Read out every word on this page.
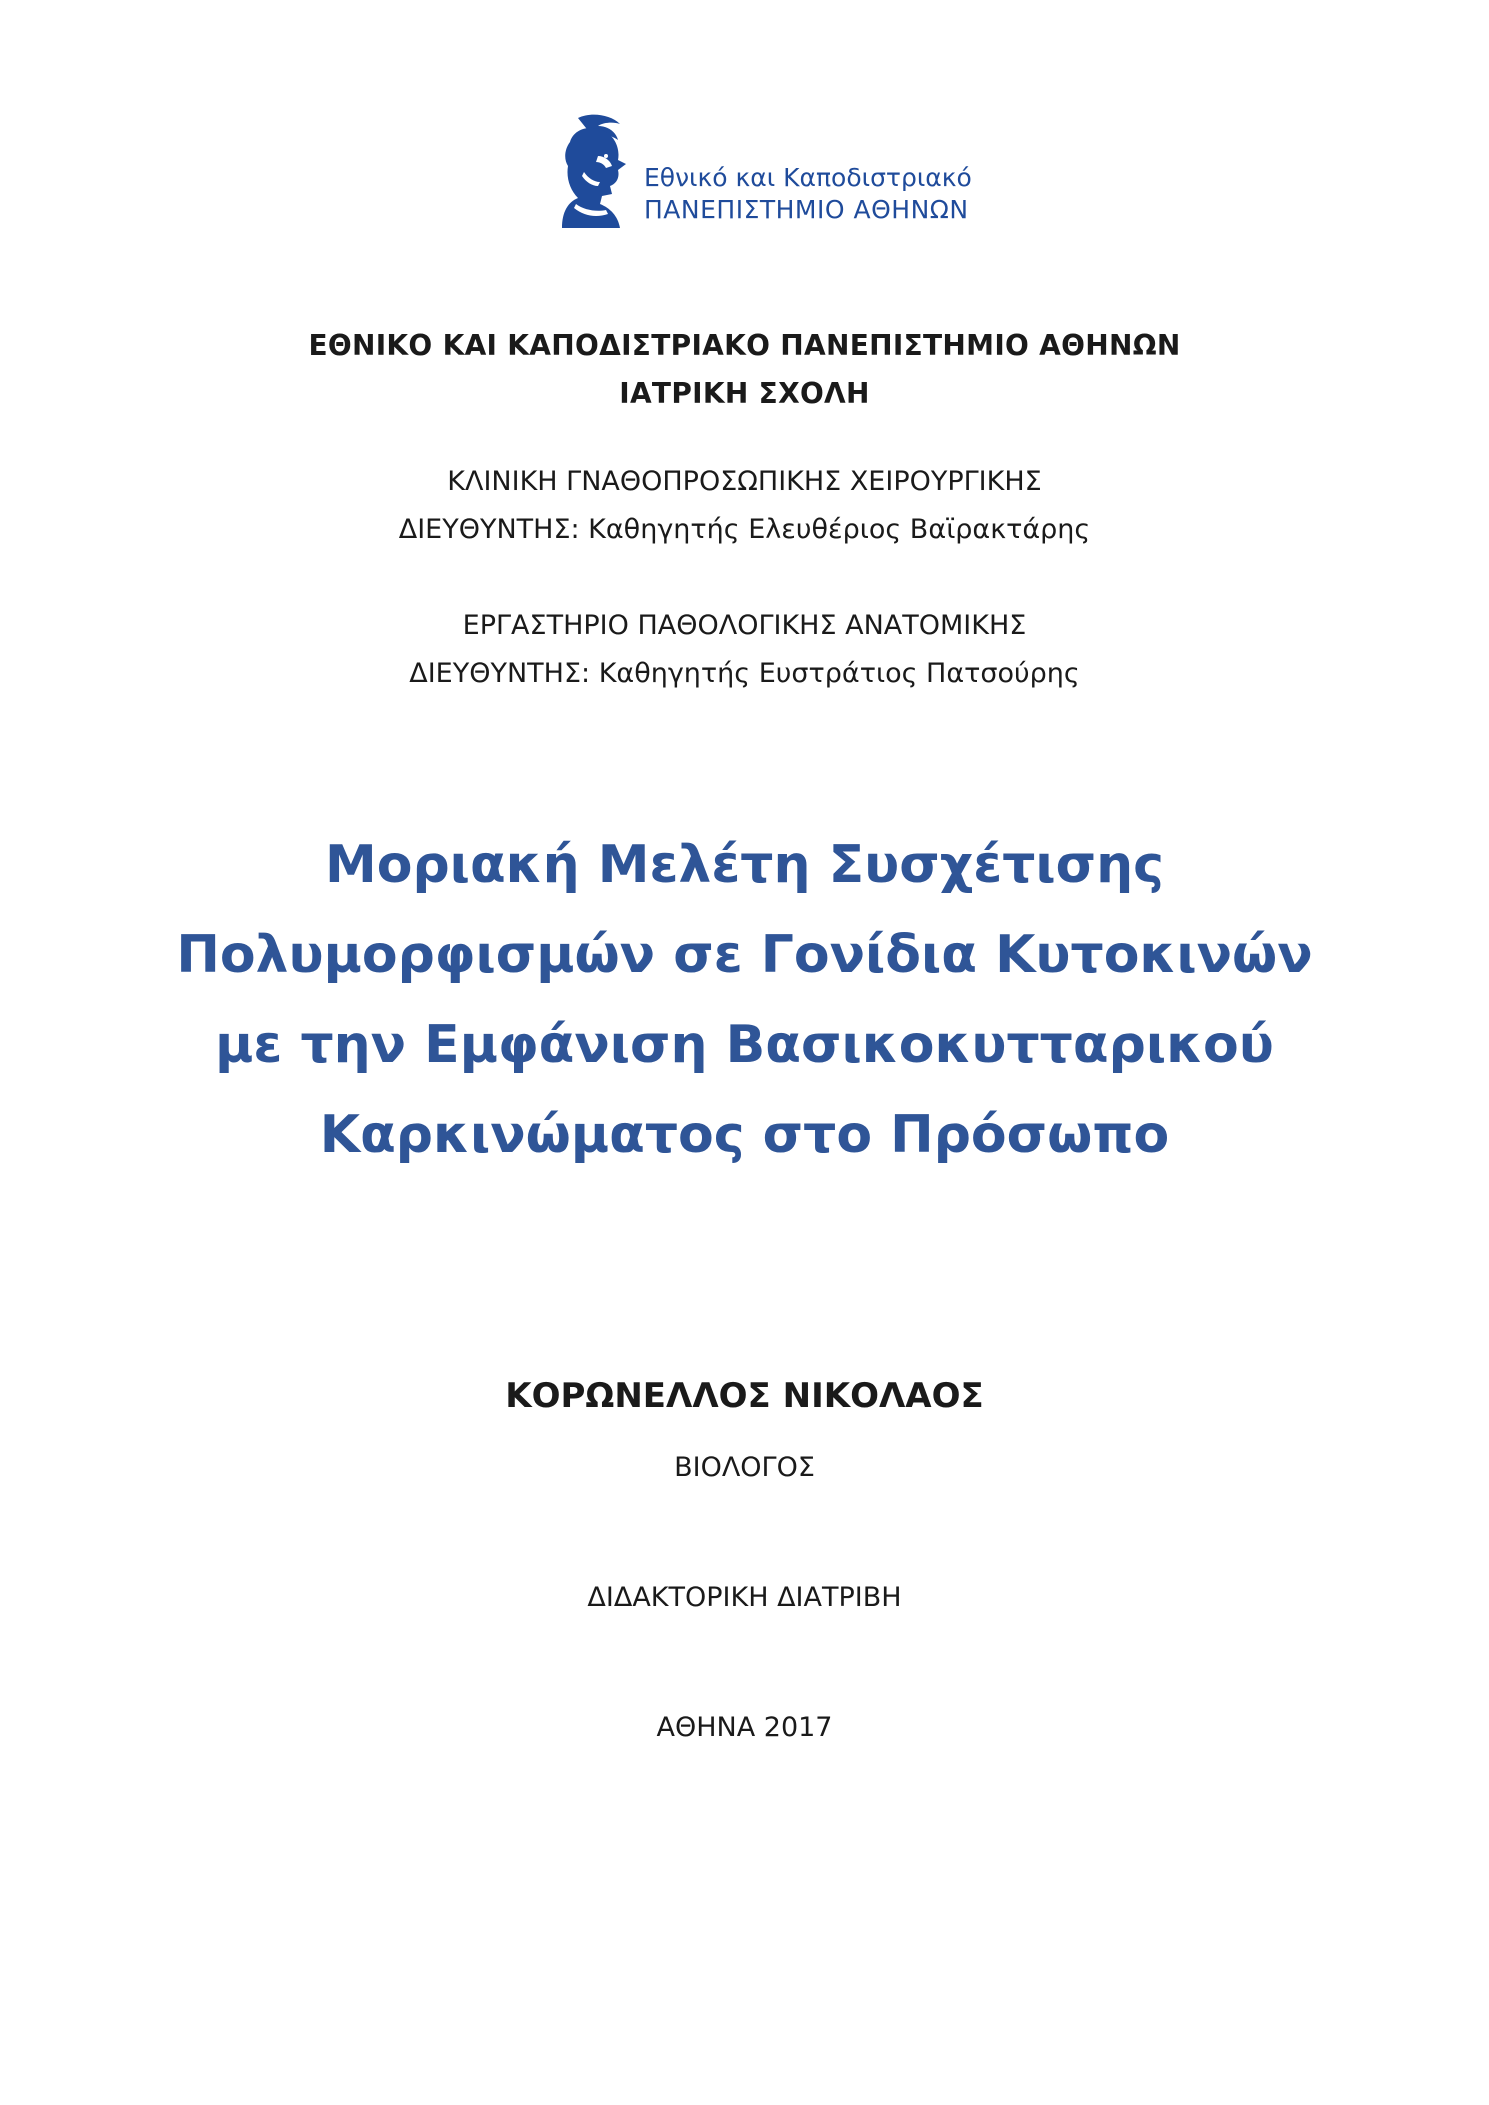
Εθνικό και Καποδιστριακό
ΠΑΝΕΠΙΣΤΗΜΙΟ ΑΘΗΝΩΝ
ΕΘΝΙΚΟ ΚΑΙ ΚΑΠΟΔΙΣΤΡΙΑΚΟ ΠΑΝΕΠΙΣΤΗΜΙΟ ΑΘΗΝΩΝ
ΙΑΤΡΙΚΗ ΣΧΟΛΗ
ΚΛΙΝΙΚΗ ΓΝΑΘΟΠΡΟΣΩΠΙΚΗΣ ΧΕΙΡΟΥΡΓΙΚΗΣ
ΔΙΕΥΘΥΝΤΗΣ: Καθηγητής Ελευθέριος Βαϊρακτάρης
ΕΡΓΑΣΤΗΡΙΟ ΠΑΘΟΛΟΓΙΚΗΣ ΑΝΑΤΟΜΙΚΗΣ
ΔΙΕΥΘΥΝΤΗΣ: Καθηγητής Ευστράτιος Πατσούρης
Μοριακή Μελέτη Συσχέτισης
Πολυμορφισμών σε Γονίδια Κυτοκινών
με την Εμφάνιση Βασικοκυτταρικού
Καρκινώματος στο Πρόσωπο
ΚΟΡΩΝΕΛΛΟΣ ΝΙΚΟΛΑΟΣ
ΒΙΟΛΟΓΟΣ
ΔΙΔΑΚΤΟΡΙΚΗ ΔΙΑΤΡΙΒΗ
ΑΘΗΝΑ 2017
